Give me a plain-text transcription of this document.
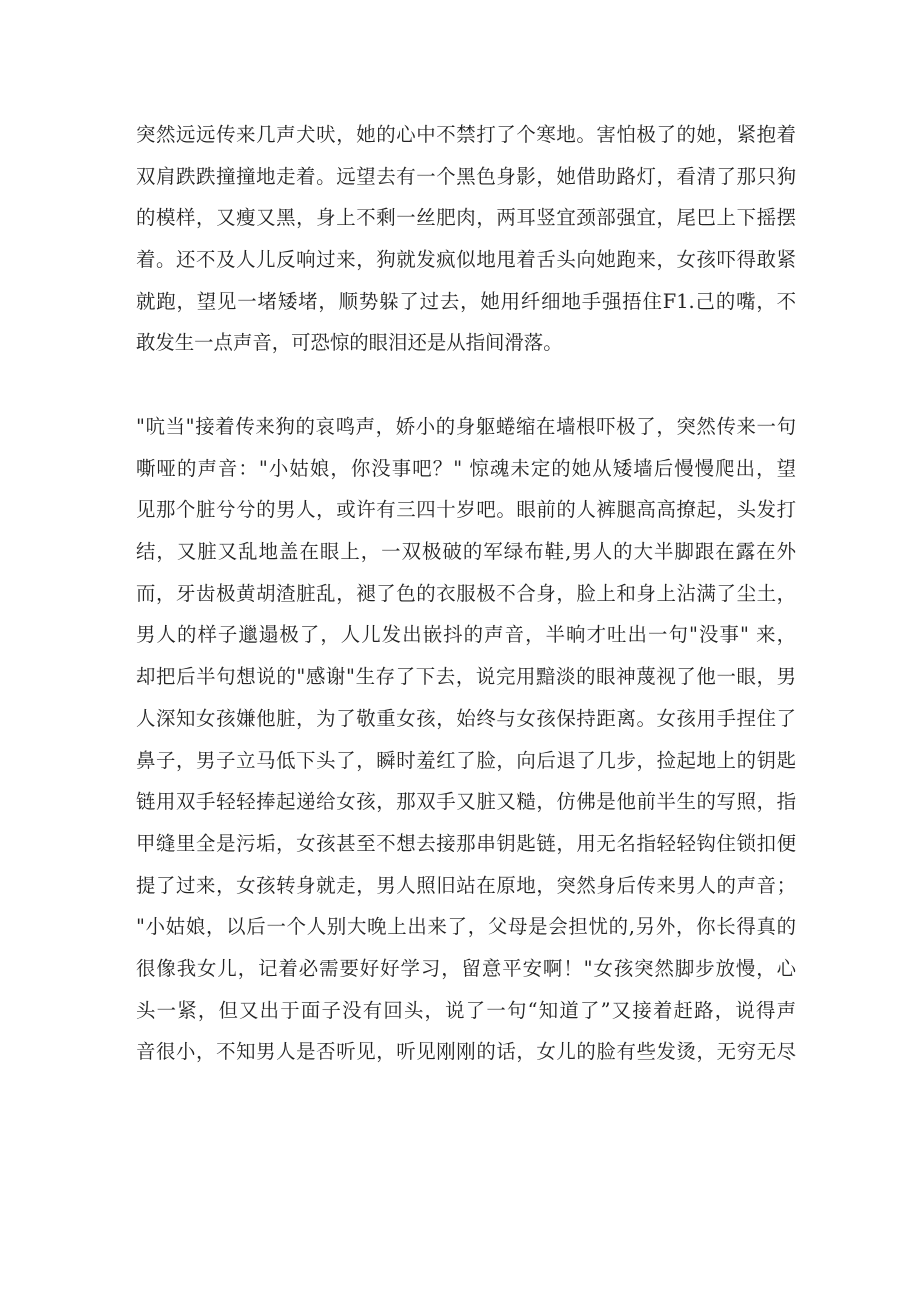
突然远远传来几声犬吠，她的心中不禁打了个寒地。害怕极了的她，紧抱着
双肩跌跌撞撞地走着。远望去有一个黑色身影，她借助路灯，看清了那只狗
的模样，又瘦又黑，身上不剩一丝肥肉，两耳竖宜颈部强宜，尾巴上下摇摆
着。还不及人儿反响过来，狗就发疯似地甩着舌头向她跑来，女孩吓得敢紧
就跑，望见一堵矮堵，顺势躲了过去，她用纤细地手强捂住F1.己的嘴，不
敢发生一点声音，可恐惊的眼泪还是从指间滑落。
"吭当"接着传来狗的哀鸣声，娇小的身躯蜷缩在墙根吓极了，突然传来一句
嘶哑的声音："小姑娘，你没事吧？" 惊魂未定的她从矮墙后慢慢爬出，望
见那个脏兮兮的男人，或许有三四十岁吧。眼前的人裤腿高高撩起，头发打
结，又脏又乱地盖在眼上，一双极破的军绿布鞋,男人的大半脚跟在露在外
而，牙齿极黄胡渣脏乱，褪了色的衣服极不合身，脸上和身上沾满了尘土，
男人的样子邋遢极了，人儿发出嵌抖的声音，半晌才吐出一句"没事" 来，
却把后半句想说的"感谢"生存了下去，说完用黯淡的眼神蔑视了他一眼，男
人深知女孩嫌他脏，为了敬重女孩，始终与女孩保持距离。女孩用手捏住了
鼻子，男子立马低下头了，瞬时羞红了脸，向后退了几步，捡起地上的钥匙
链用双手轻轻捧起递给女孩，那双手又脏又糙，仿佛是他前半生的写照，指
甲缝里全是污垢，女孩甚至不想去接那串钥匙链，用无名指轻轻钩住锁扣便
提了过来，女孩转身就走，男人照旧站在原地，突然身后传来男人的声音；
"小姑娘，以后一个人别大晚上出来了，父母是会担忧的,另外，你长得真的
很像我女儿，记着必需要好好学习，留意平安啊！"女孩突然脚步放慢，心
头一紧，但又出于面子没有回头，说了一句“知道了”又接着赶路，说得声
音很小，不知男人是否听见，听见刚刚的话，女儿的脸有些发烫，无穷无尽
